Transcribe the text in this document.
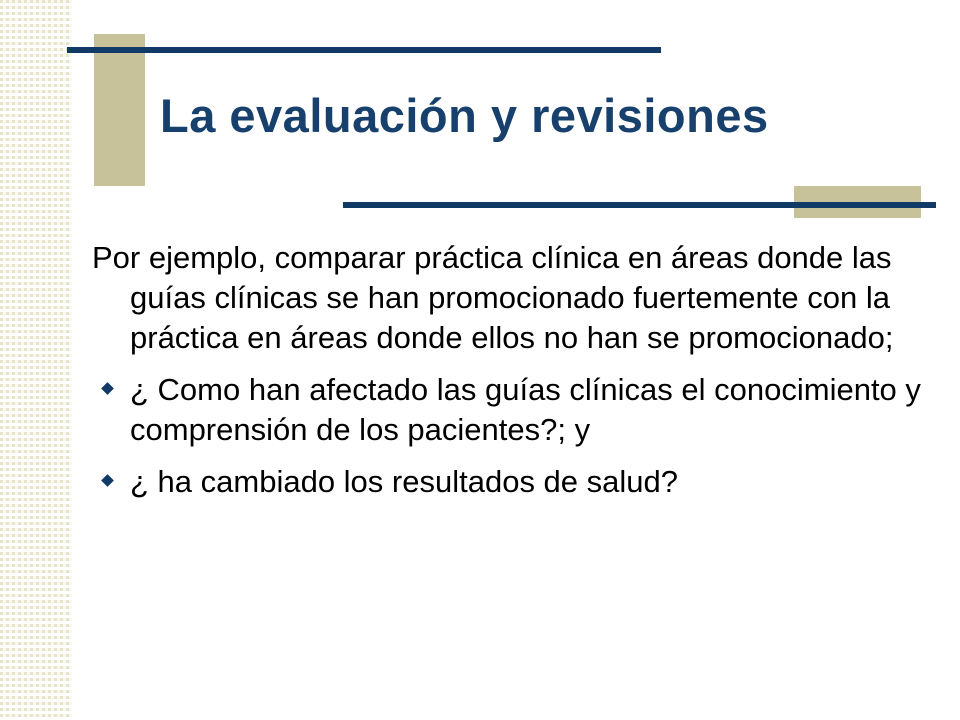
La evaluación y revisiones

Por ejemplo, comparar práctica clínica en áreas donde las guías clínicas se han promocionado fuertemente con la práctica en áreas donde ellos no han se promocionado;

¿ Como han afectado las guías clínicas el conocimiento y comprensión de los pacientes?; y
¿ ha cambiado los resultados de salud?
